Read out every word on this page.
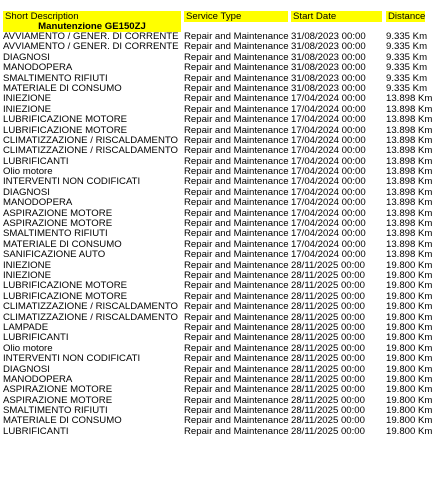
Short Description	Service Type	Start Date	Distance
Manutenzione GE150ZJ
AVVIAMENTO / GENER. DI CORRENTE Repair and Maintenance 31/08/2023 00:00	9.335 Km
AVVIAMENTO / GENER. DI CORRENTE Repair and Maintenance 31/08/2023 00:00	9.335 Km
DIAGNOSI	Repair and Maintenance 31/08/2023 00:00	9.335 Km
MANODOPERA	Repair and Maintenance 31/08/2023 00:00	9.335 Km
SMALTIMENTO RIFIUTI	Repair and Maintenance 31/08/2023 00:00	9.335 Km
MATERIALE DI CONSUMO	Repair and Maintenance 31/08/2023 00:00	9.335 Km
INIEZIONE	Repair and Maintenance 17/04/2024 00:00	13.898 Km
INIEZIONE	Repair and Maintenance 17/04/2024 00:00	13.898 Km
LUBRIFICAZIONE MOTORE	Repair and Maintenance 17/04/2024 00:00	13.898 Km
LUBRIFICAZIONE MOTORE	Repair and Maintenance 17/04/2024 00:00	13.898 Km
CLIMATIZZAZIONE / RISCALDAMENTO Repair and Maintenance 17/04/2024 00:00	13.898 Km
CLIMATIZZAZIONE / RISCALDAMENTO Repair and Maintenance 17/04/2024 00:00	13.898 Km
LUBRIFICANTI	Repair and Maintenance 17/04/2024 00:00	13.898 Km
Olio motore	Repair and Maintenance 17/04/2024 00:00	13.898 Km
INTERVENTI NON CODIFICATI	Repair and Maintenance 17/04/2024 00:00	13.898 Km
DIAGNOSI	Repair and Maintenance 17/04/2024 00:00	13.898 Km
MANODOPERA	Repair and Maintenance 17/04/2024 00:00	13.898 Km
ASPIRAZIONE MOTORE	Repair and Maintenance 17/04/2024 00:00	13.898 Km
ASPIRAZIONE MOTORE	Repair and Maintenance 17/04/2024 00:00	13.898 Km
SMALTIMENTO RIFIUTI	Repair and Maintenance 17/04/2024 00:00	13.898 Km
MATERIALE DI CONSUMO	Repair and Maintenance 17/04/2024 00:00	13.898 Km
SANIFICAZIONE AUTO	Repair and Maintenance 17/04/2024 00:00	13.898 Km
INIEZIONE	Repair and Maintenance 28/11/2025 00:00	19.800 Km
INIEZIONE	Repair and Maintenance 28/11/2025 00:00	19.800 Km
LUBRIFICAZIONE MOTORE	Repair and Maintenance 28/11/2025 00:00	19.800 Km
LUBRIFICAZIONE MOTORE	Repair and Maintenance 28/11/2025 00:00	19.800 Km
CLIMATIZZAZIONE / RISCALDAMENTO Repair and Maintenance 28/11/2025 00:00	19.800 Km
CLIMATIZZAZIONE / RISCALDAMENTO Repair and Maintenance 28/11/2025 00:00	19.800 Km
LAMPADE	Repair and Maintenance 28/11/2025 00:00	19.800 Km
LUBRIFICANTI	Repair and Maintenance 28/11/2025 00:00	19.800 Km
Olio motore	Repair and Maintenance 28/11/2025 00:00	19.800 Km
INTERVENTI NON CODIFICATI	Repair and Maintenance 28/11/2025 00:00	19.800 Km
DIAGNOSI	Repair and Maintenance 28/11/2025 00:00	19.800 Km
MANODOPERA	Repair and Maintenance 28/11/2025 00:00	19.800 Km
ASPIRAZIONE MOTORE	Repair and Maintenance 28/11/2025 00:00	19.800 Km
ASPIRAZIONE MOTORE	Repair and Maintenance 28/11/2025 00:00	19.800 Km
SMALTIMENTO RIFIUTI	Repair and Maintenance 28/11/2025 00:00	19.800 Km
MATERIALE DI CONSUMO	Repair and Maintenance 28/11/2025 00:00	19.800 Km
LUBRIFICANTI	Repair and Maintenance 28/11/2025 00:00	19.800 Km
